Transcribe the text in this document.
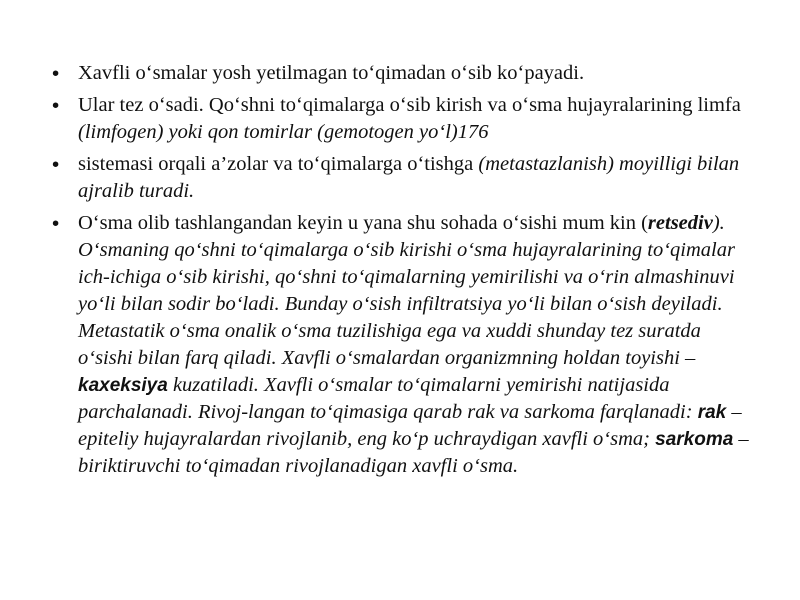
• Xavfli o‘smalar yosh yetilmagan to‘qimadan o‘sib ko‘payadi.
• Ular tez o‘sadi. Qo‘shni to‘qimalarga o‘sib kirish va o‘sma hujayralarining limfa (limfogen) yoki qon tomirlar (gemotogen yo‘l)176
• sistemasi orqali a’zolar va to‘qimalarga o‘tishga (metastazlanish) moyilligi bilan ajralib turadi.
• O‘sma olib tashlangandan keyin u yana shu sohada o‘sishi mum kin (retsediv). O‘smaning qo‘shni to‘qimalarga o‘sib kirishi o‘sma hujayralarining to‘qimalar ich-ichiga o‘sib kirishi, qo‘shni to‘qimalarning yemirilishi va o‘rin almashinuvi yo‘li bilan sodir bo‘ladi. Bunday o‘sish infiltratsiya yo‘li bilan o‘sish deyiladi. Metastatik o‘sma onalik o‘sma tuzilishiga ega va xuddi shunday tez suratda o‘sishi bilan farq qiladi. Xavfli o‘smalardan organizmning holdan toyishi – kaxeksiya kuzatiladi. Xavfli o‘smalar to‘qimalarni yemirishi natijasida parchalanadi. Rivoj-langan to‘qimasiga qarab rak va sarkoma farqlanadi: rak – epiteliy hujayralardan rivojlanib, eng ko‘p uchraydigan xavfli o‘sma; sarkoma – biriktiruvchi to‘qimadan rivojlanadigan xavfli o‘sma.
